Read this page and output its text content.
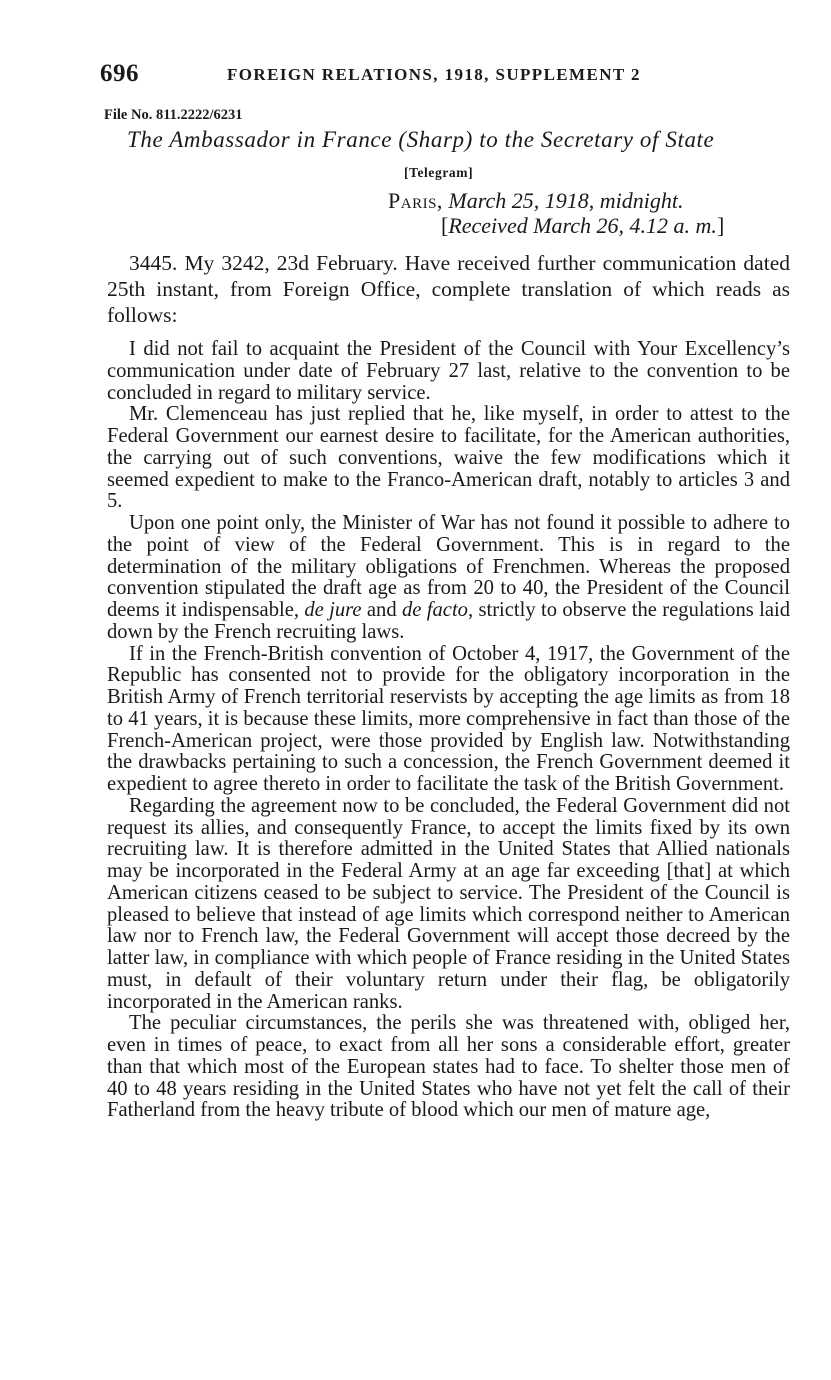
696	FOREIGN RELATIONS, 1918, SUPPLEMENT 2
File No. 811.2222/6231
The Ambassador in France (Sharp) to the Secretary of State
[Telegram]
Paris, March 25, 1918, midnight.
[Received March 26, 4.12 a. m.]

3445. My 3242, 23d February. Have received further communication dated 25th instant, from Foreign Office, complete translation of which reads as follows:

I did not fail to acquaint the President of the Council with Your Excellency’s communication under date of February 27 last, relative to the convention to be concluded in regard to military service.

Mr. Clemenceau has just replied that he, like myself, in order to attest to the Federal Government our earnest desire to facilitate, for the American authorities, the carrying out of such conventions, waive the few modifications which it seemed expedient to make to the Franco-American draft, notably to articles 3 and 5.

Upon one point only, the Minister of War has not found it possible to adhere to the point of view of the Federal Government. This is in regard to the determination of the military obligations of Frenchmen. Whereas the proposed convention stipulated the draft age as from 20 to 40, the President of the Council deems it indispensable, de jure and de facto, strictly to observe the regulations laid down by the French recruiting laws.

If in the French-British convention of October 4, 1917, the Government of the Republic has consented not to provide for the obligatory incorporation in the British Army of French territorial reservists by accepting the age limits as from 18 to 41 years, it is because these limits, more comprehensive in fact than those of the French-American project, were those provided by English law. Notwithstanding the drawbacks pertaining to such a concession, the French Government deemed it expedient to agree thereto in order to facilitate the task of the British Government.

Regarding the agreement now to be concluded, the Federal Government did not request its allies, and consequently France, to accept the limits fixed by its own recruiting law. It is therefore admitted in the United States that Allied nationals may be incorporated in the Federal Army at an age far exceeding [that] at which American citizens ceased to be subject to service. The President of the Council is pleased to believe that instead of age limits which correspond neither to American law nor to French law, the Federal Government will accept those decreed by the latter law, in compliance with which people of France residing in the United States must, in default of their voluntary return under their flag, be obligatorily incorporated in the American ranks.

The peculiar circumstances, the perils she was threatened with, obliged her, even in times of peace, to exact from all her sons a considerable effort, greater than that which most of the European states had to face. To shelter those men of 40 to 48 years residing in the United States who have not yet felt the call of their Fatherland from the heavy tribute of blood which our men of mature age,
